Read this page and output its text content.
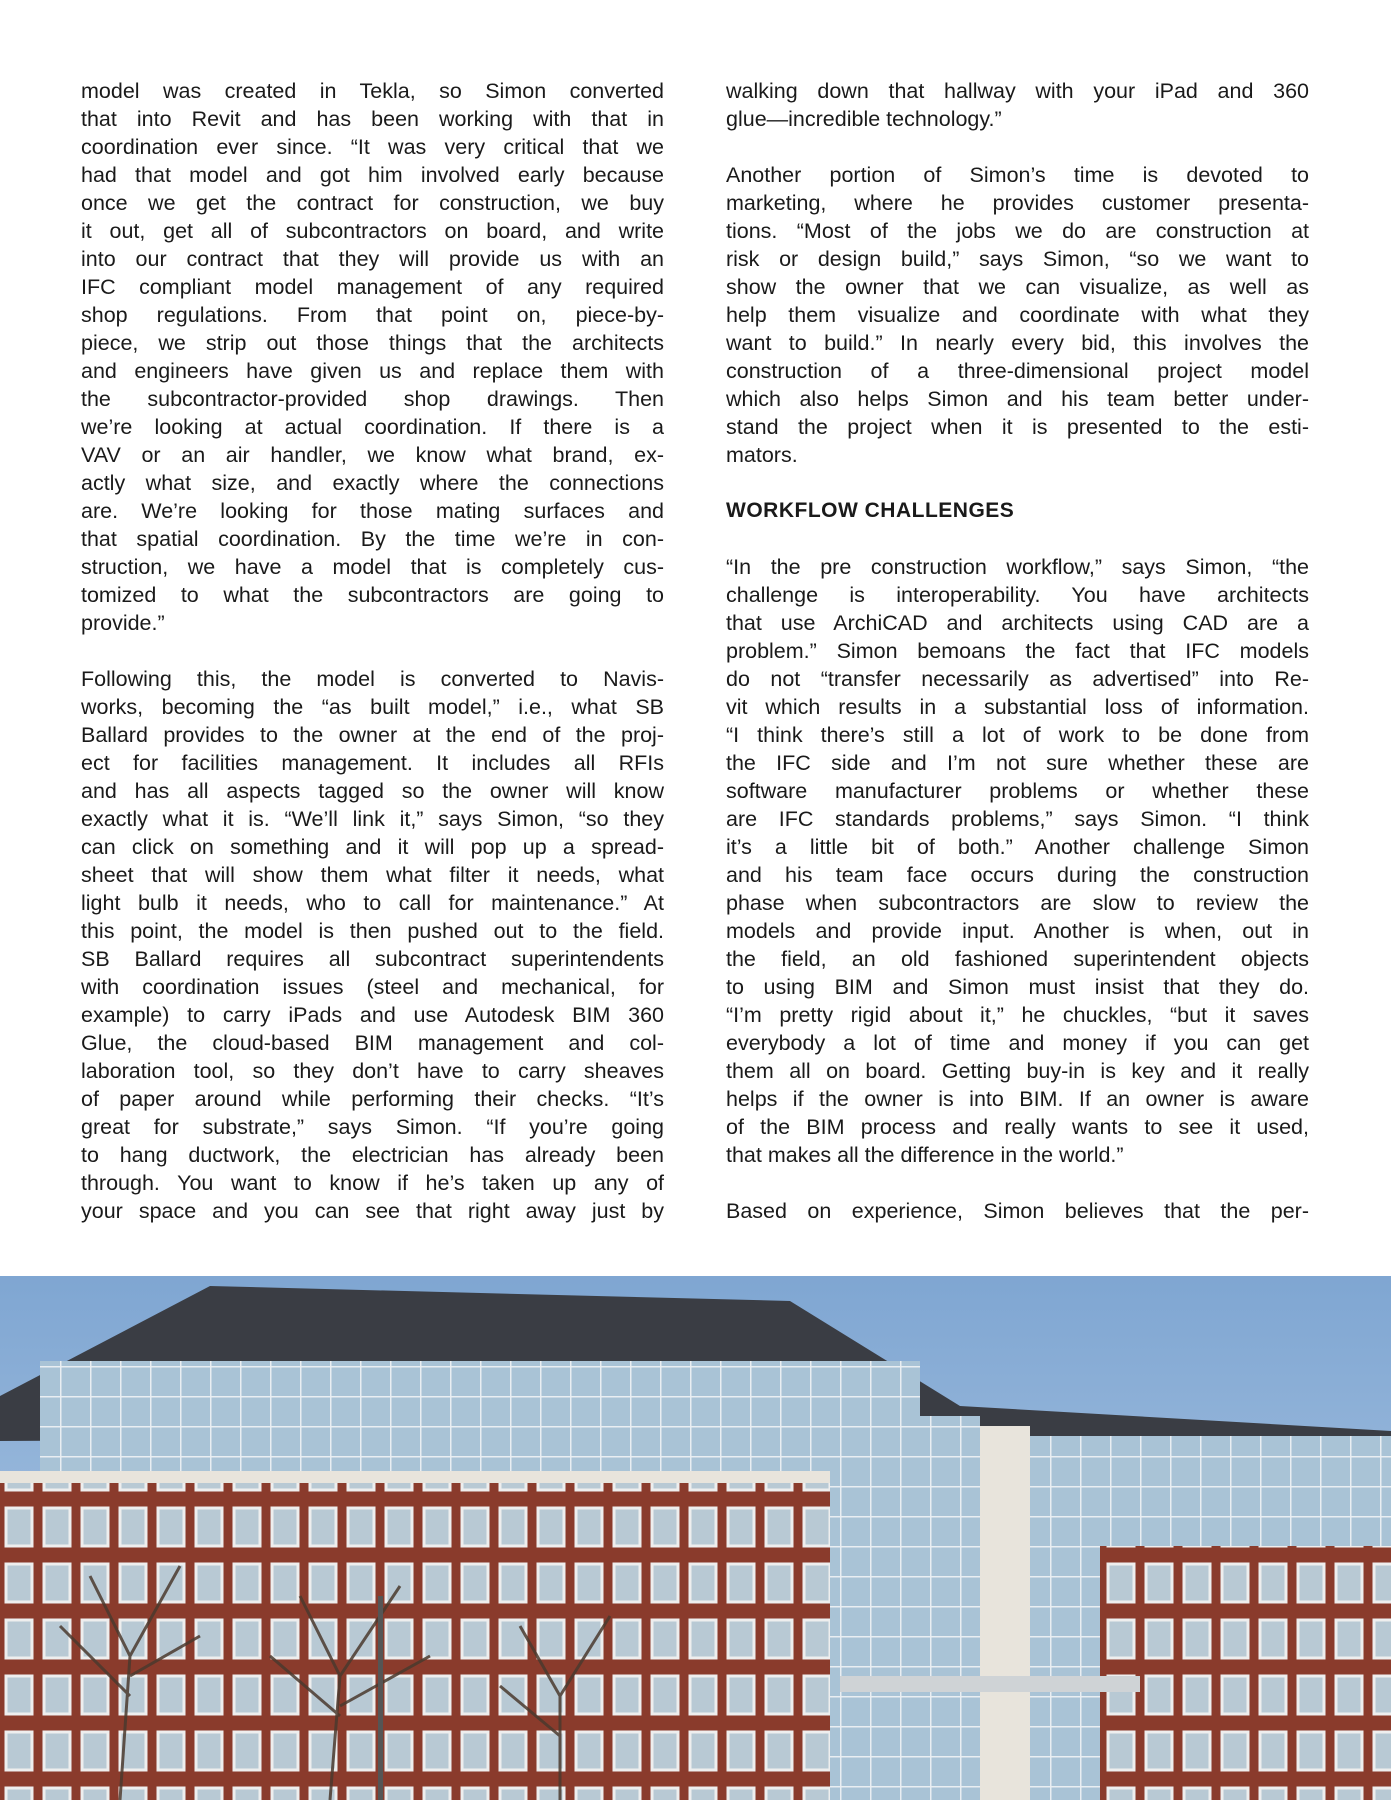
model was created in Tekla, so Simon converted
that into Revit and has been working with that in
coordination ever since. “It was very critical that we
had that model and got him involved early because
once we get the contract for construction, we buy
it out, get all of subcontractors on board, and write
into our contract that they will provide us with an
IFC compliant model management of any required
shop regulations. From that point on, piece-by-
piece, we strip out those things that the architects
and engineers have given us and replace them with
the subcontractor-provided shop drawings. Then
we’re looking at actual coordination. If there is a
VAV or an air handler, we know what brand, ex-
actly what size, and exactly where the connections
are. We’re looking for those mating surfaces and
that spatial coordination. By the time we’re in con-
struction, we have a model that is completely cus-
tomized to what the subcontractors are going to
provide.”
Following this, the model is converted to Navis-
works, becoming the “as built model,” i.e., what SB
Ballard provides to the owner at the end of the proj-
ect for facilities management. It includes all RFIs
and has all aspects tagged so the owner will know
exactly what it is. “We’ll link it,” says Simon, “so they
can click on something and it will pop up a spread-
sheet that will show them what filter it needs, what
light bulb it needs, who to call for maintenance.” At
this point, the model is then pushed out to the field.
SB Ballard requires all subcontract superintendents
with coordination issues (steel and mechanical, for
example) to carry iPads and use Autodesk BIM 360
Glue, the cloud-based BIM management and col-
laboration tool, so they don’t have to carry sheaves
of paper around while performing their checks. “It’s
great for substrate,” says Simon. “If you’re going
to hang ductwork, the electrician has already been
through. You want to know if he’s taken up any of
your space and you can see that right away just by
walking down that hallway with your iPad and 360
glue—incredible technology.”
Another portion of Simon’s time is devoted to
marketing, where he provides customer presenta-
tions. “Most of the jobs we do are construction at
risk or design build,” says Simon, “so we want to
show the owner that we can visualize, as well as
help them visualize and coordinate with what they
want to build.” In nearly every bid, this involves the
construction of a three-dimensional project model
which also helps Simon and his team better under-
stand the project when it is presented to the esti-
mators.
WORKFLOW CHALLENGES
“In the pre construction workflow,” says Simon, “the
challenge is interoperability. You have architects
that use ArchiCAD and architects using CAD are a
problem.” Simon bemoans the fact that IFC models
do not “transfer necessarily as advertised” into Re-
vit which results in a substantial loss of information.
“I think there’s still a lot of work to be done from
the IFC side and I’m not sure whether these are
software manufacturer problems or whether these
are IFC standards problems,” says Simon. “I think
it’s a little bit of both.” Another challenge Simon
and his team face occurs during the construction
phase when subcontractors are slow to review the
models and provide input. Another is when, out in
the field, an old fashioned superintendent objects
to using BIM and Simon must insist that they do.
“I’m pretty rigid about it,” he chuckles, “but it saves
everybody a lot of time and money if you can get
them all on board. Getting buy-in is key and it really
helps if the owner is into BIM. If an owner is aware
of the BIM process and really wants to see it used,
that makes all the difference in the world.”
Based on experience, Simon believes that the per-
